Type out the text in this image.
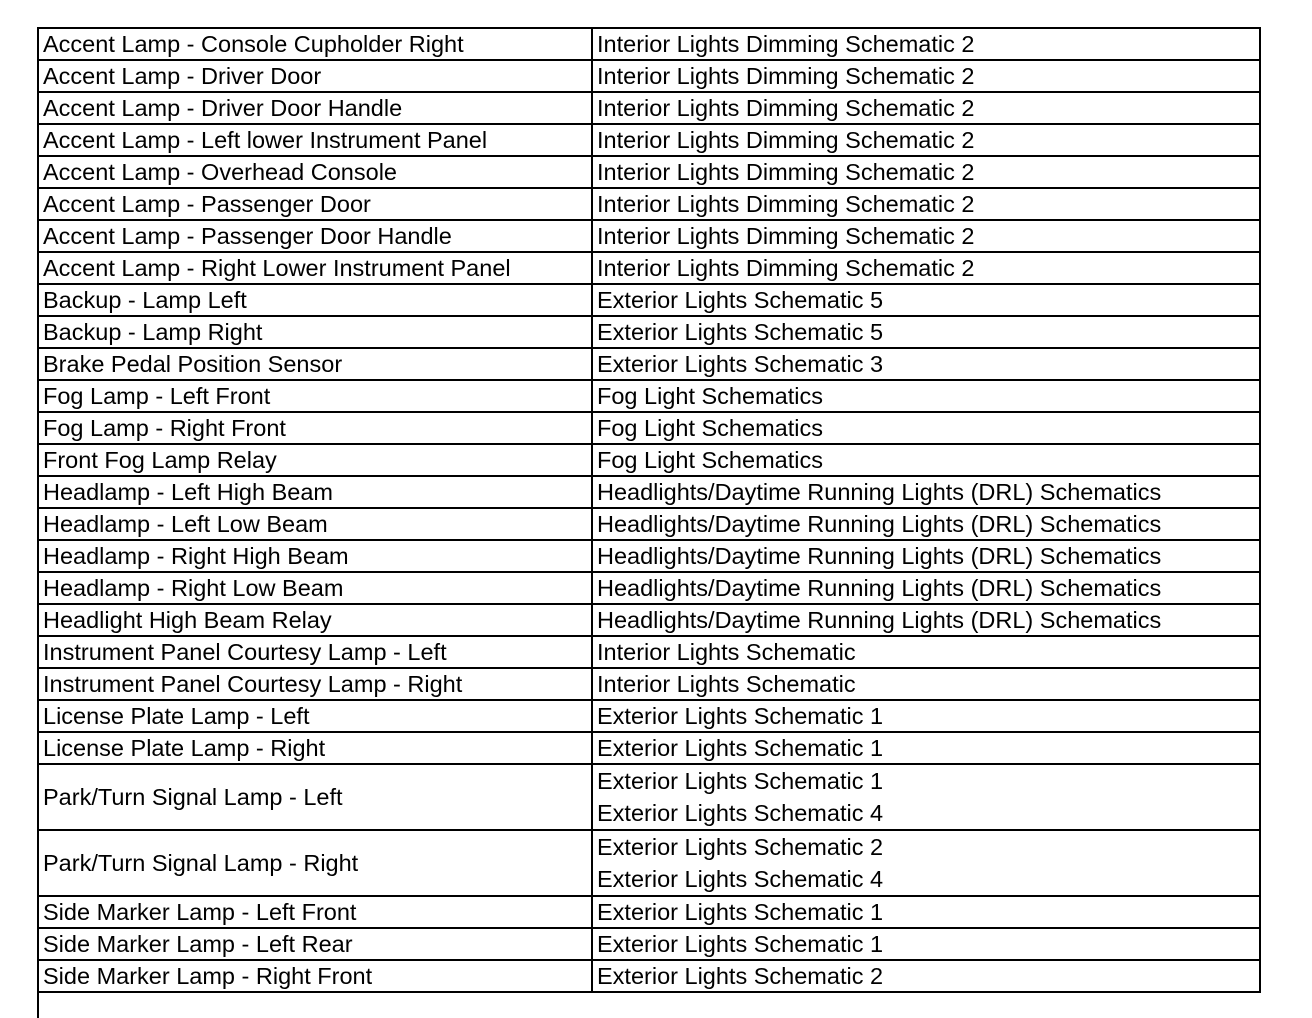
Accent Lamp - Console Cupholder Right	Interior Lights Dimming Schematic 2
Accent Lamp - Driver Door	Interior Lights Dimming Schematic 2
Accent Lamp - Driver Door Handle	Interior Lights Dimming Schematic 2
Accent Lamp - Left lower Instrument Panel	Interior Lights Dimming Schematic 2
Accent Lamp - Overhead Console	Interior Lights Dimming Schematic 2
Accent Lamp - Passenger Door	Interior Lights Dimming Schematic 2
Accent Lamp - Passenger Door Handle	Interior Lights Dimming Schematic 2
Accent Lamp - Right Lower Instrument Panel	Interior Lights Dimming Schematic 2
Backup - Lamp Left	Exterior Lights Schematic 5
Backup - Lamp Right	Exterior Lights Schematic 5
Brake Pedal Position Sensor	Exterior Lights Schematic 3
Fog Lamp - Left Front	Fog Light Schematics
Fog Lamp - Right Front	Fog Light Schematics
Front Fog Lamp Relay	Fog Light Schematics
Headlamp - Left High Beam	Headlights/Daytime Running Lights (DRL) Schematics
Headlamp - Left Low Beam	Headlights/Daytime Running Lights (DRL) Schematics
Headlamp - Right High Beam	Headlights/Daytime Running Lights (DRL) Schematics
Headlamp - Right Low Beam	Headlights/Daytime Running Lights (DRL) Schematics
Headlight High Beam Relay	Headlights/Daytime Running Lights (DRL) Schematics
Instrument Panel Courtesy Lamp - Left	Interior Lights Schematic
Instrument Panel Courtesy Lamp - Right	Interior Lights Schematic
License Plate Lamp - Left	Exterior Lights Schematic 1
License Plate Lamp - Right	Exterior Lights Schematic 1
Park/Turn Signal Lamp - Left	Exterior Lights Schematic 1
Exterior Lights Schematic 4

Park/Turn Signal Lamp - Right	Exterior Lights Schematic 2
Exterior Lights Schematic 4

Side Marker Lamp - Left Front	Exterior Lights Schematic 1
Side Marker Lamp - Left Rear	Exterior Lights Schematic 1
Side Marker Lamp - Right Front	Exterior Lights Schematic 2
